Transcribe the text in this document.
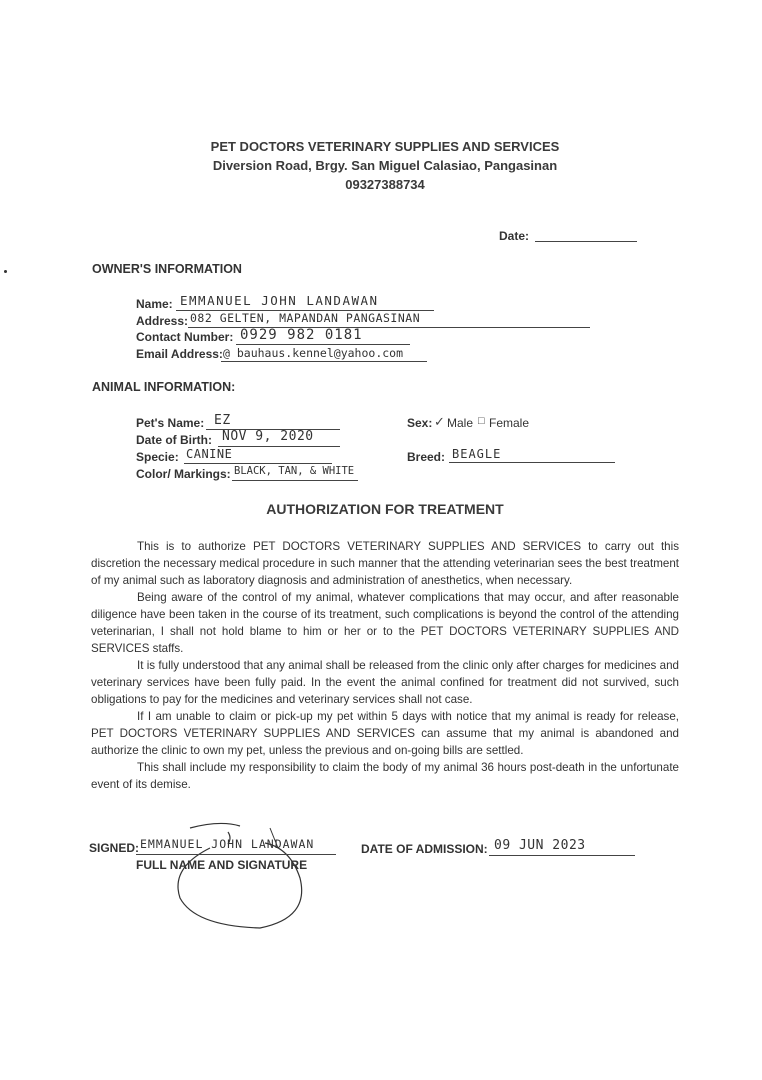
PET DOCTORS VETERINARY SUPPLIES AND SERVICES
Diversion Road, Brgy. San Miguel Calasiao, Pangasinan
09327388734
Date:
OWNER'S INFORMATION
Name: EMMANUEL JOHN LANDAWAN
Address: 082 GELTEN, MAPANDAN PANGASINAN
Contact Number: 0929 982 0181
Email Address: @ bauhaus.kennel@yahoo.com
ANIMAL INFORMATION:
Pet's Name: EZ
Date of Birth: NOV 9, 2020
Specie: CANINE
Color/ Markings: BLACK, TAN, & WHITE
Sex: ✓ Male □ Female
Breed: BEAGLE
AUTHORIZATION FOR TREATMENT

This is to authorize PET DOCTORS VETERINARY SUPPLIES AND SERVICES to carry out this discretion the necessary medical procedure in such manner that the attending veterinarian sees the best treatment of my animal such as laboratory diagnosis and administration of anesthetics, when necessary.

Being aware of the control of my animal, whatever complications that may occur, and after reasonable diligence have been taken in the course of its treatment, such complications is beyond the control of the attending veterinarian, I shall not hold blame to him or her or to the PET DOCTORS VETERINARY SUPPLIES AND SERVICES staffs.

It is fully understood that any animal shall be released from the clinic only after charges for medicines and veterinary services have been fully paid. In the event the animal confined for treatment did not survived, such obligations to pay for the medicines and veterinary services shall not case.

If I am unable to claim or pick-up my pet within 5 days with notice that my animal is ready for release, PET DOCTORS VETERINARY SUPPLIES AND SERVICES can assume that my animal is abandoned and authorize the clinic to own my pet, unless the previous and on-going bills are settled.

This shall include my responsibility to claim the body of my animal 36 hours post-death in the unfortunate event of its demise.

SIGNED: EMMANUEL JOHN LANDAWAN
FULL NAME AND SIGNATURE
DATE OF ADMISSION: 09 JUN 2023
